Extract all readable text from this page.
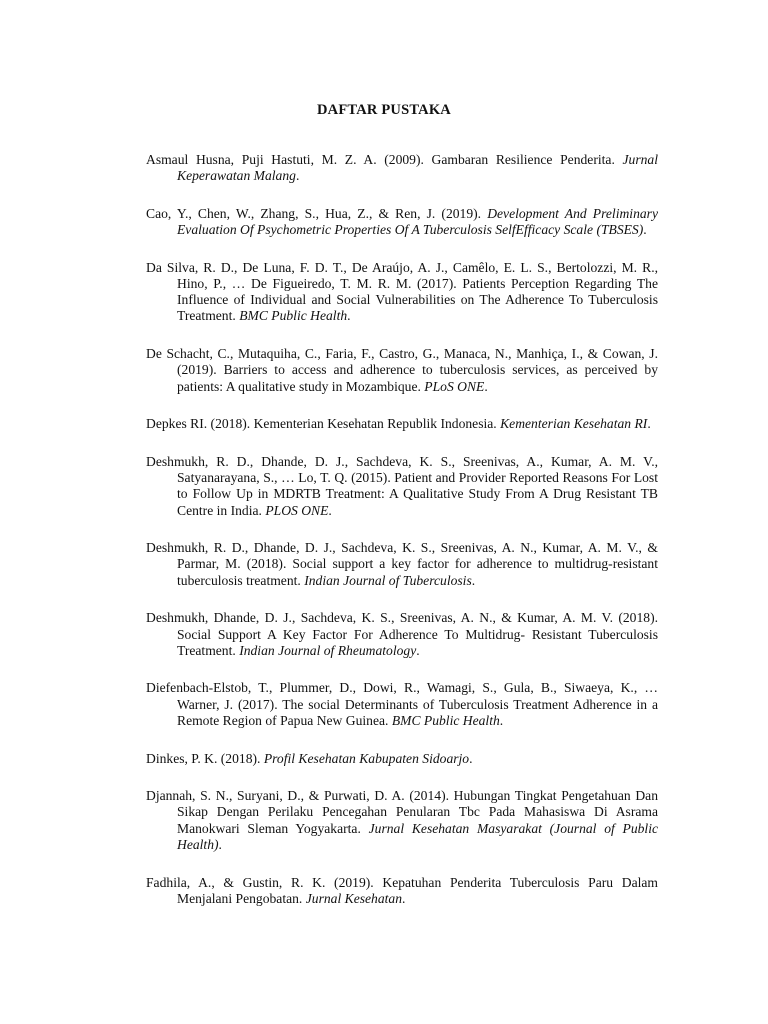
DAFTAR PUSTAKA

Asmaul Husna, Puji Hastuti, M. Z. A. (2009). Gambaran Resilience Penderita. Jurnal Keperawatan Malang.

Cao, Y., Chen, W., Zhang, S., Hua, Z., & Ren, J. (2019). Development And Preliminary Evaluation Of Psychometric Properties Of A Tuberculosis SelfEfficacy Scale (TBSES).

Da Silva, R. D., De Luna, F. D. T., De Araújo, A. J., Camêlo, E. L. S., Bertolozzi, M. R., Hino, P., … De Figueiredo, T. M. R. M. (2017). Patients Perception Regarding The Influence of Individual and Social Vulnerabilities on The Adherence To Tuberculosis Treatment. BMC Public Health.

De Schacht, C., Mutaquiha, C., Faria, F., Castro, G., Manaca, N., Manhiça, I., & Cowan, J. (2019). Barriers to access and adherence to tuberculosis services, as perceived by patients: A qualitative study in Mozambique. PLoS ONE.

Depkes RI. (2018). Kementerian Kesehatan Republik Indonesia. Kementerian Kesehatan RI.

Deshmukh, R. D., Dhande, D. J., Sachdeva, K. S., Sreenivas, A., Kumar, A. M. V., Satyanarayana, S., … Lo, T. Q. (2015). Patient and Provider Reported Reasons For Lost to Follow Up in MDRTB Treatment: A Qualitative Study From A Drug Resistant TB Centre in India. PLOS ONE.

Deshmukh, R. D., Dhande, D. J., Sachdeva, K. S., Sreenivas, A. N., Kumar, A. M. V., & Parmar, M. (2018). Social support a key factor for adherence to multidrug-resistant tuberculosis treatment. Indian Journal of Tuberculosis.

Deshmukh, Dhande, D. J., Sachdeva, K. S., Sreenivas, A. N., & Kumar, A. M. V. (2018). Social Support A Key Factor For Adherence To Multidrug- Resistant Tuberculosis Treatment. Indian Journal of Rheumatology.

Diefenbach-Elstob, T., Plummer, D., Dowi, R., Wamagi, S., Gula, B., Siwaeya, K., … Warner, J. (2017). The social Determinants of Tuberculosis Treatment Adherence in a Remote Region of Papua New Guinea. BMC Public Health.

Dinkes, P. K. (2018). Profil Kesehatan Kabupaten Sidoarjo.

Djannah, S. N., Suryani, D., & Purwati, D. A. (2014). Hubungan Tingkat Pengetahuan Dan Sikap Dengan Perilaku Pencegahan Penularan Tbc Pada Mahasiswa Di Asrama Manokwari Sleman Yogyakarta. Jurnal Kesehatan Masyarakat (Journal of Public Health).

Fadhila, A., & Gustin, R. K. (2019). Kepatuhan Penderita Tuberculosis Paru Dalam Menjalani Pengobatan. Jurnal Kesehatan.
